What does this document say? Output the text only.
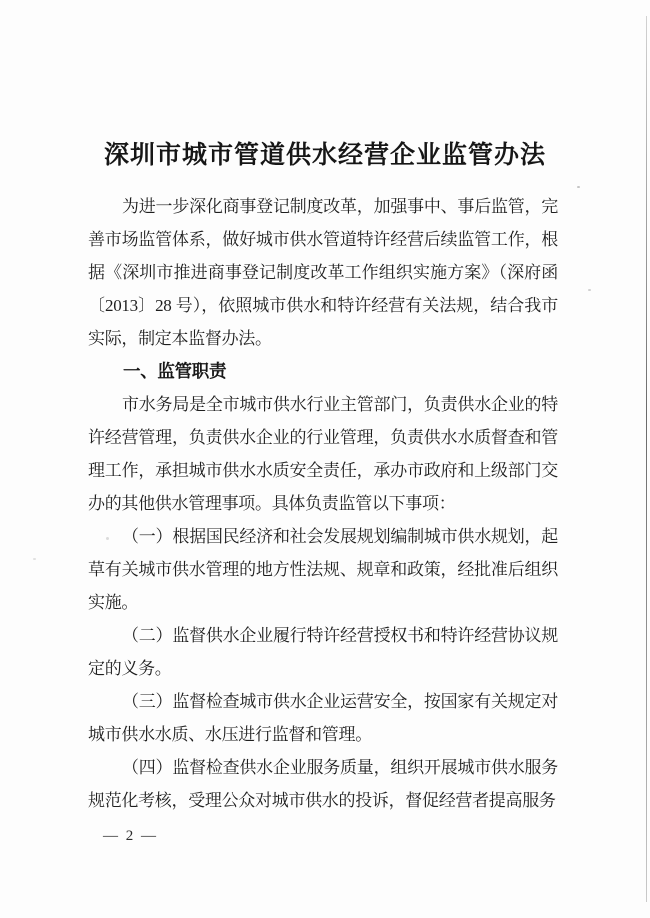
深圳市城市管道供水经营企业监管办法

为进一步深化商事登记制度改革，加强事中、事后监管，完善市场监管体系，做好城市供水管道特许经营后续监管工作，根据《深圳市推进商事登记制度改革工作组织实施方案》（深府函〔2013〕28 号），依照城市供水和特许经营有关法规，结合我市实际，制定本监督办法。

一、监管职责

市水务局是全市城市供水行业主管部门，负责供水企业的特许经营管理，负责供水企业的行业管理，负责供水水质督查和管理工作，承担城市供水水质安全责任，承办市政府和上级部门交办的其他供水管理事项。具体负责监管以下事项：

（一）根据国民经济和社会发展规划编制城市供水规划，起草有关城市供水管理的地方性法规、规章和政策，经批准后组织实施。

（二）监督供水企业履行特许经营授权书和特许经营协议规定的义务。

（三）监督检查城市供水企业运营安全，按国家有关规定对城市供水水质、水压进行监督和管理。

（四）监督检查供水企业服务质量，组织开展城市供水服务规范化考核，受理公众对城市供水的投诉，督促经营者提高服务

— 2 —
